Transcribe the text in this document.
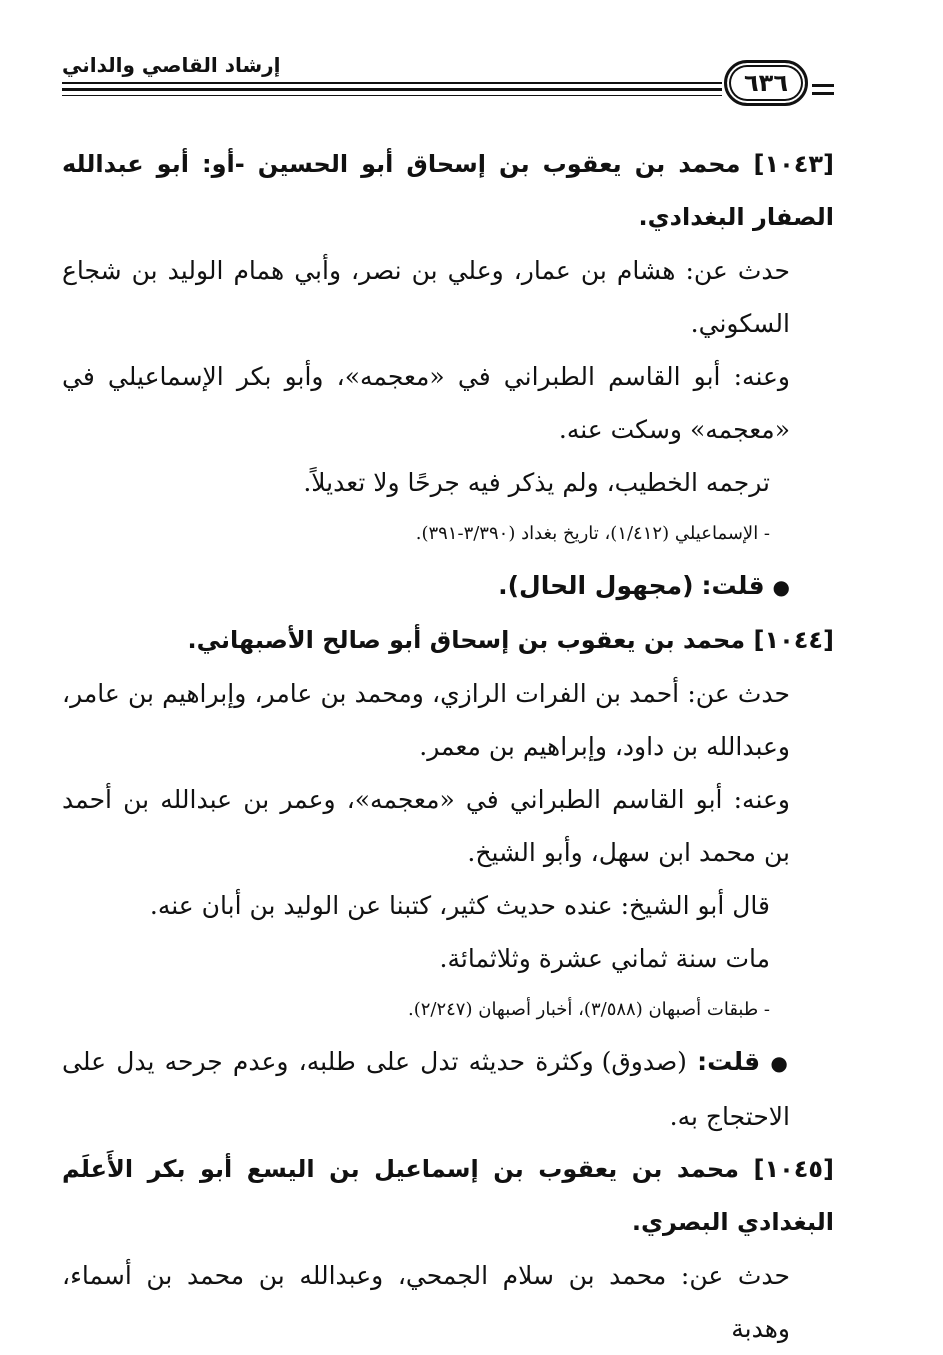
إرشاد القاصي والداني
٦٣٦

[١٠٤٣] محمد بن يعقوب بن إسحاق أبو الحسين -أو: أبو عبدالله الصفار البغدادي.

حدث عن: هشام بن عمار، وعلي بن نصر، وأبي همام الوليد بن شجاع السكوني.

وعنه: أبو القاسم الطبراني في «معجمه»، وأبو بكر الإسماعيلي في «معجمه» وسكت عنه.

ترجمه الخطيب، ولم يذكر فيه جرحًا ولا تعديلاً.

- الإسماعيلي (١/٤١٢)، تاريخ بغداد (٣/٣٩٠-٣٩١).

● قلت: (مجهول الحال).

[١٠٤٤] محمد بن يعقوب بن إسحاق أبو صالح الأصبهاني.

حدث عن: أحمد بن الفرات الرازي، ومحمد بن عامر، وإبراهيم بن عامر، وعبدالله بن داود، وإبراهيم بن معمر.

وعنه: أبو القاسم الطبراني في «معجمه»، وعمر بن عبدالله بن أحمد بن محمد ابن سهل، وأبو الشيخ.

قال أبو الشيخ: عنده حديث كثير، كتبنا عن الوليد بن أبان عنه.

مات سنة ثماني عشرة وثلاثمائة.

- طبقات أصبهان (٣/٥٨٨)، أخبار أصبهان (٢/٢٤٧).

● قلت: (صدوق) وكثرة حديثه تدل على طلبه، وعدم جرحه يدل على الاحتجاج به.

[١٠٤٥] محمد بن يعقوب بن إسماعيل بن اليسع أبو بكر الأَعلَم البغدادي البصري.

حدث عن: محمد بن سلام الجمحي، وعبدالله بن محمد بن أسماء، وهدبة
